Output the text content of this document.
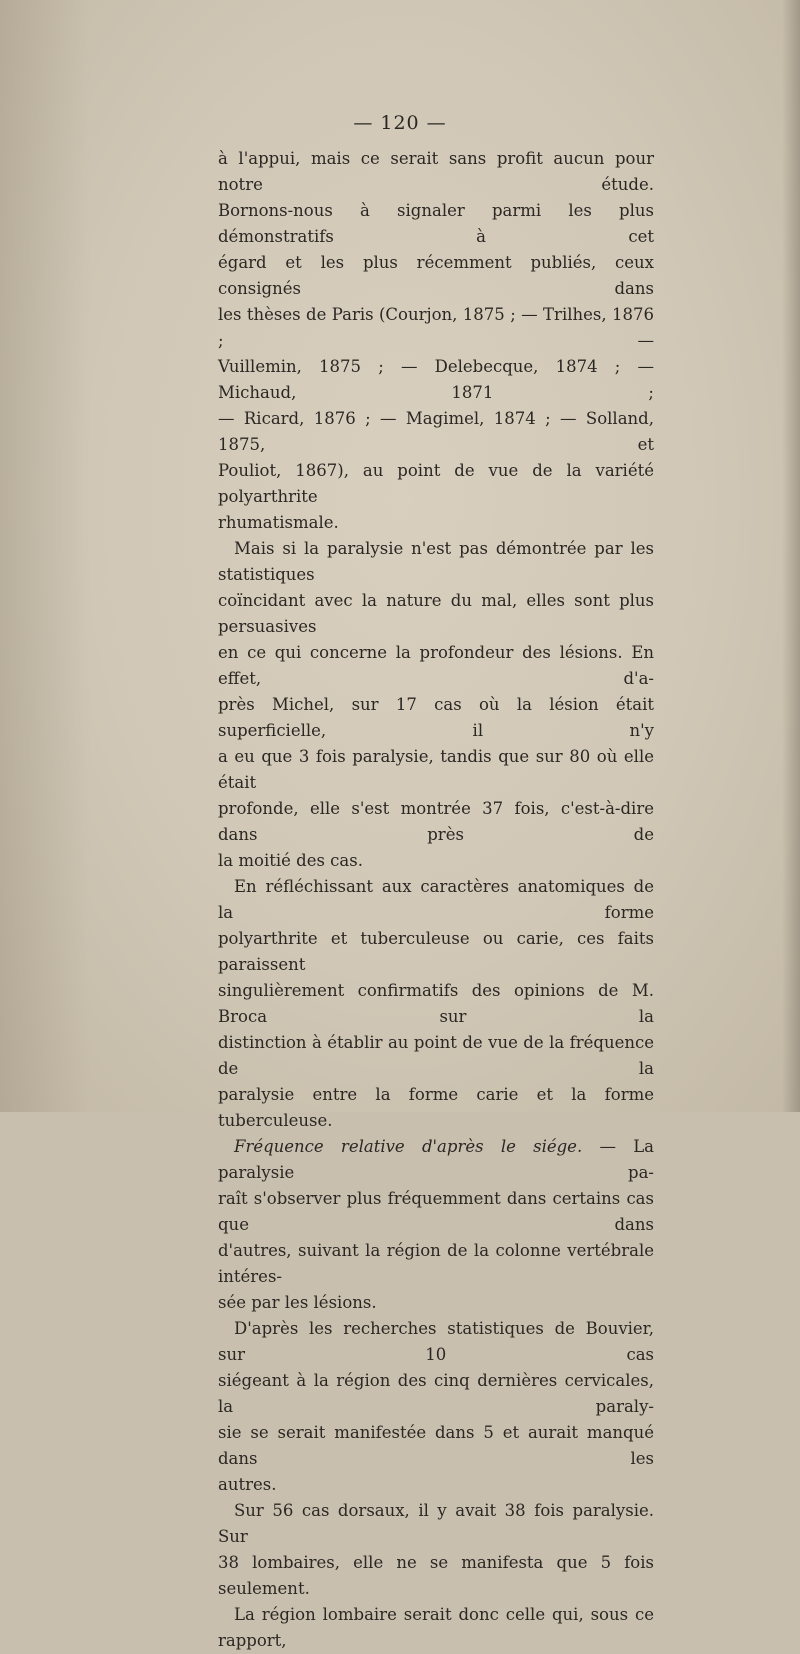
— 120 —

à l'appui, mais ce serait sans profit aucun pour notre étude.
Bornons-nous à signaler parmi les plus démonstratifs à cet
égard et les plus récemment publiés, ceux consignés dans
les thèses de Paris (Courjon, 1875 ; — Trilhes, 1876 ; —
Vuillemin, 1875 ; — Delebecque, 1874 ; — Michaud, 1871 ;
— Ricard, 1876 ; — Magimel, 1874 ; — Solland, 1875, et
Pouliot, 1867), au point de vue de la variété polyarthrite

rhumatismale.

Mais si la paralysie n'est pas démontrée par les statistiques
coïncidant avec la nature du mal, elles sont plus persuasives
en ce qui concerne la profondeur des lésions. En effet, d'a-
près Michel, sur 17 cas où la lésion était superficielle, il n'y
a eu que 3 fois paralysie, tandis que sur 80 où elle était
profonde, elle s'est montrée 37 fois, c'est-à-dire dans près de

la moitié des cas.

En réfléchissant aux caractères anatomiques de la forme
polyarthrite et tuberculeuse ou carie, ces faits paraissent
singulièrement confirmatifs des opinions de M. Broca sur la
distinction à établir au point de vue de la fréquence de la

paralysie entre la forme carie et la forme tuberculeuse.

Fréquence relative d'après le siége. — La paralysie pa-
raît s'observer plus fréquemment dans certains cas que dans
d'autres, suivant la région de la colonne vertébrale intéres-

sée par les lésions.

D'après les recherches statistiques de Bouvier, sur 10 cas
siégeant à la région des cinq dernières cervicales, la paraly-
sie se serait manifestée dans 5 et aurait manqué dans les

autres.

Sur 56 cas dorsaux, il y avait 38 fois paralysie. Sur

38 lombaires, elle ne se manifesta que 5 fois seulement.

La région lombaire serait donc celle qui, sous ce rapport,
